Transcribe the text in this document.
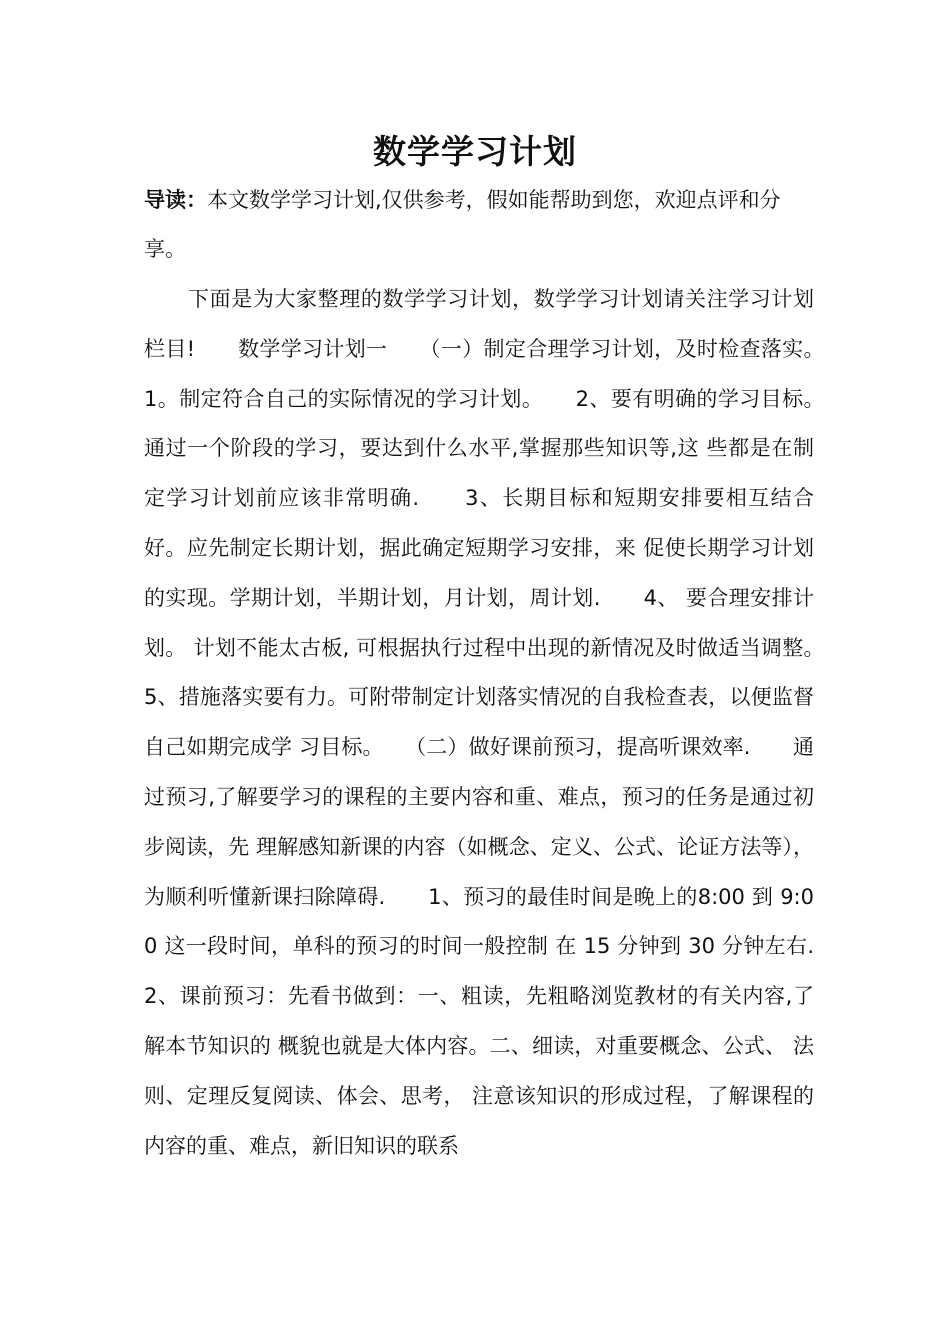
数学学习计划
导读：本文数学学习计划,仅供参考，假如能帮助到您，欢迎点评和分享。
下面是为大家整理的数学学习计划，数学学习计划请关注学习计划栏目!　　数学学习计划一　　（一）制定合理学习计划，及时检查落实。　　1。制定符合自己的实际情况的学习计划。　　2、要有明确的学习目标。　　通过一个阶段的学习，要达到什么水平,掌握那些知识等,这 些都是在制定学习计划前应该非常明确.　　3、长期目标和短期安排要相互结合好。应先制定长期计划，据此确定短期学习安排，来 促使长期学习计划的实现。学期计划，半期计划，月计划，周计划.　　4、 要合理安排计划。 计划不能太古板, 可根据执行过程中出现的新情况及时做适当调整。　　5、措施落实要有力。可附带制定计划落实情况的自我检查表，以便监督自己如期完成学 习目标。　　（二）做好课前预习，提高听课效率.　　通过预习,了解要学习的课程的主要内容和重、难点，预习的任务是通过初步阅读，先 理解感知新课的内容（如概念、定义、公式、论证方法等），为顺利听懂新课扫除障碍.　　1、预习的最佳时间是晚上的8:00 到 9:00 这一段时间，单科的预习的时间一般控制 在 15 分钟到 30 分钟左右.　　2、课前预习：先看书做到：一、粗读，先粗略浏览教材的有关内容,了解本节知识的 概貌也就是大体内容。二、细读，对重要概念、公式、 法则、定理反复阅读、体会、思考， 注意该知识的形成过程，了解课程的内容的重、难点，新旧知识的联系
